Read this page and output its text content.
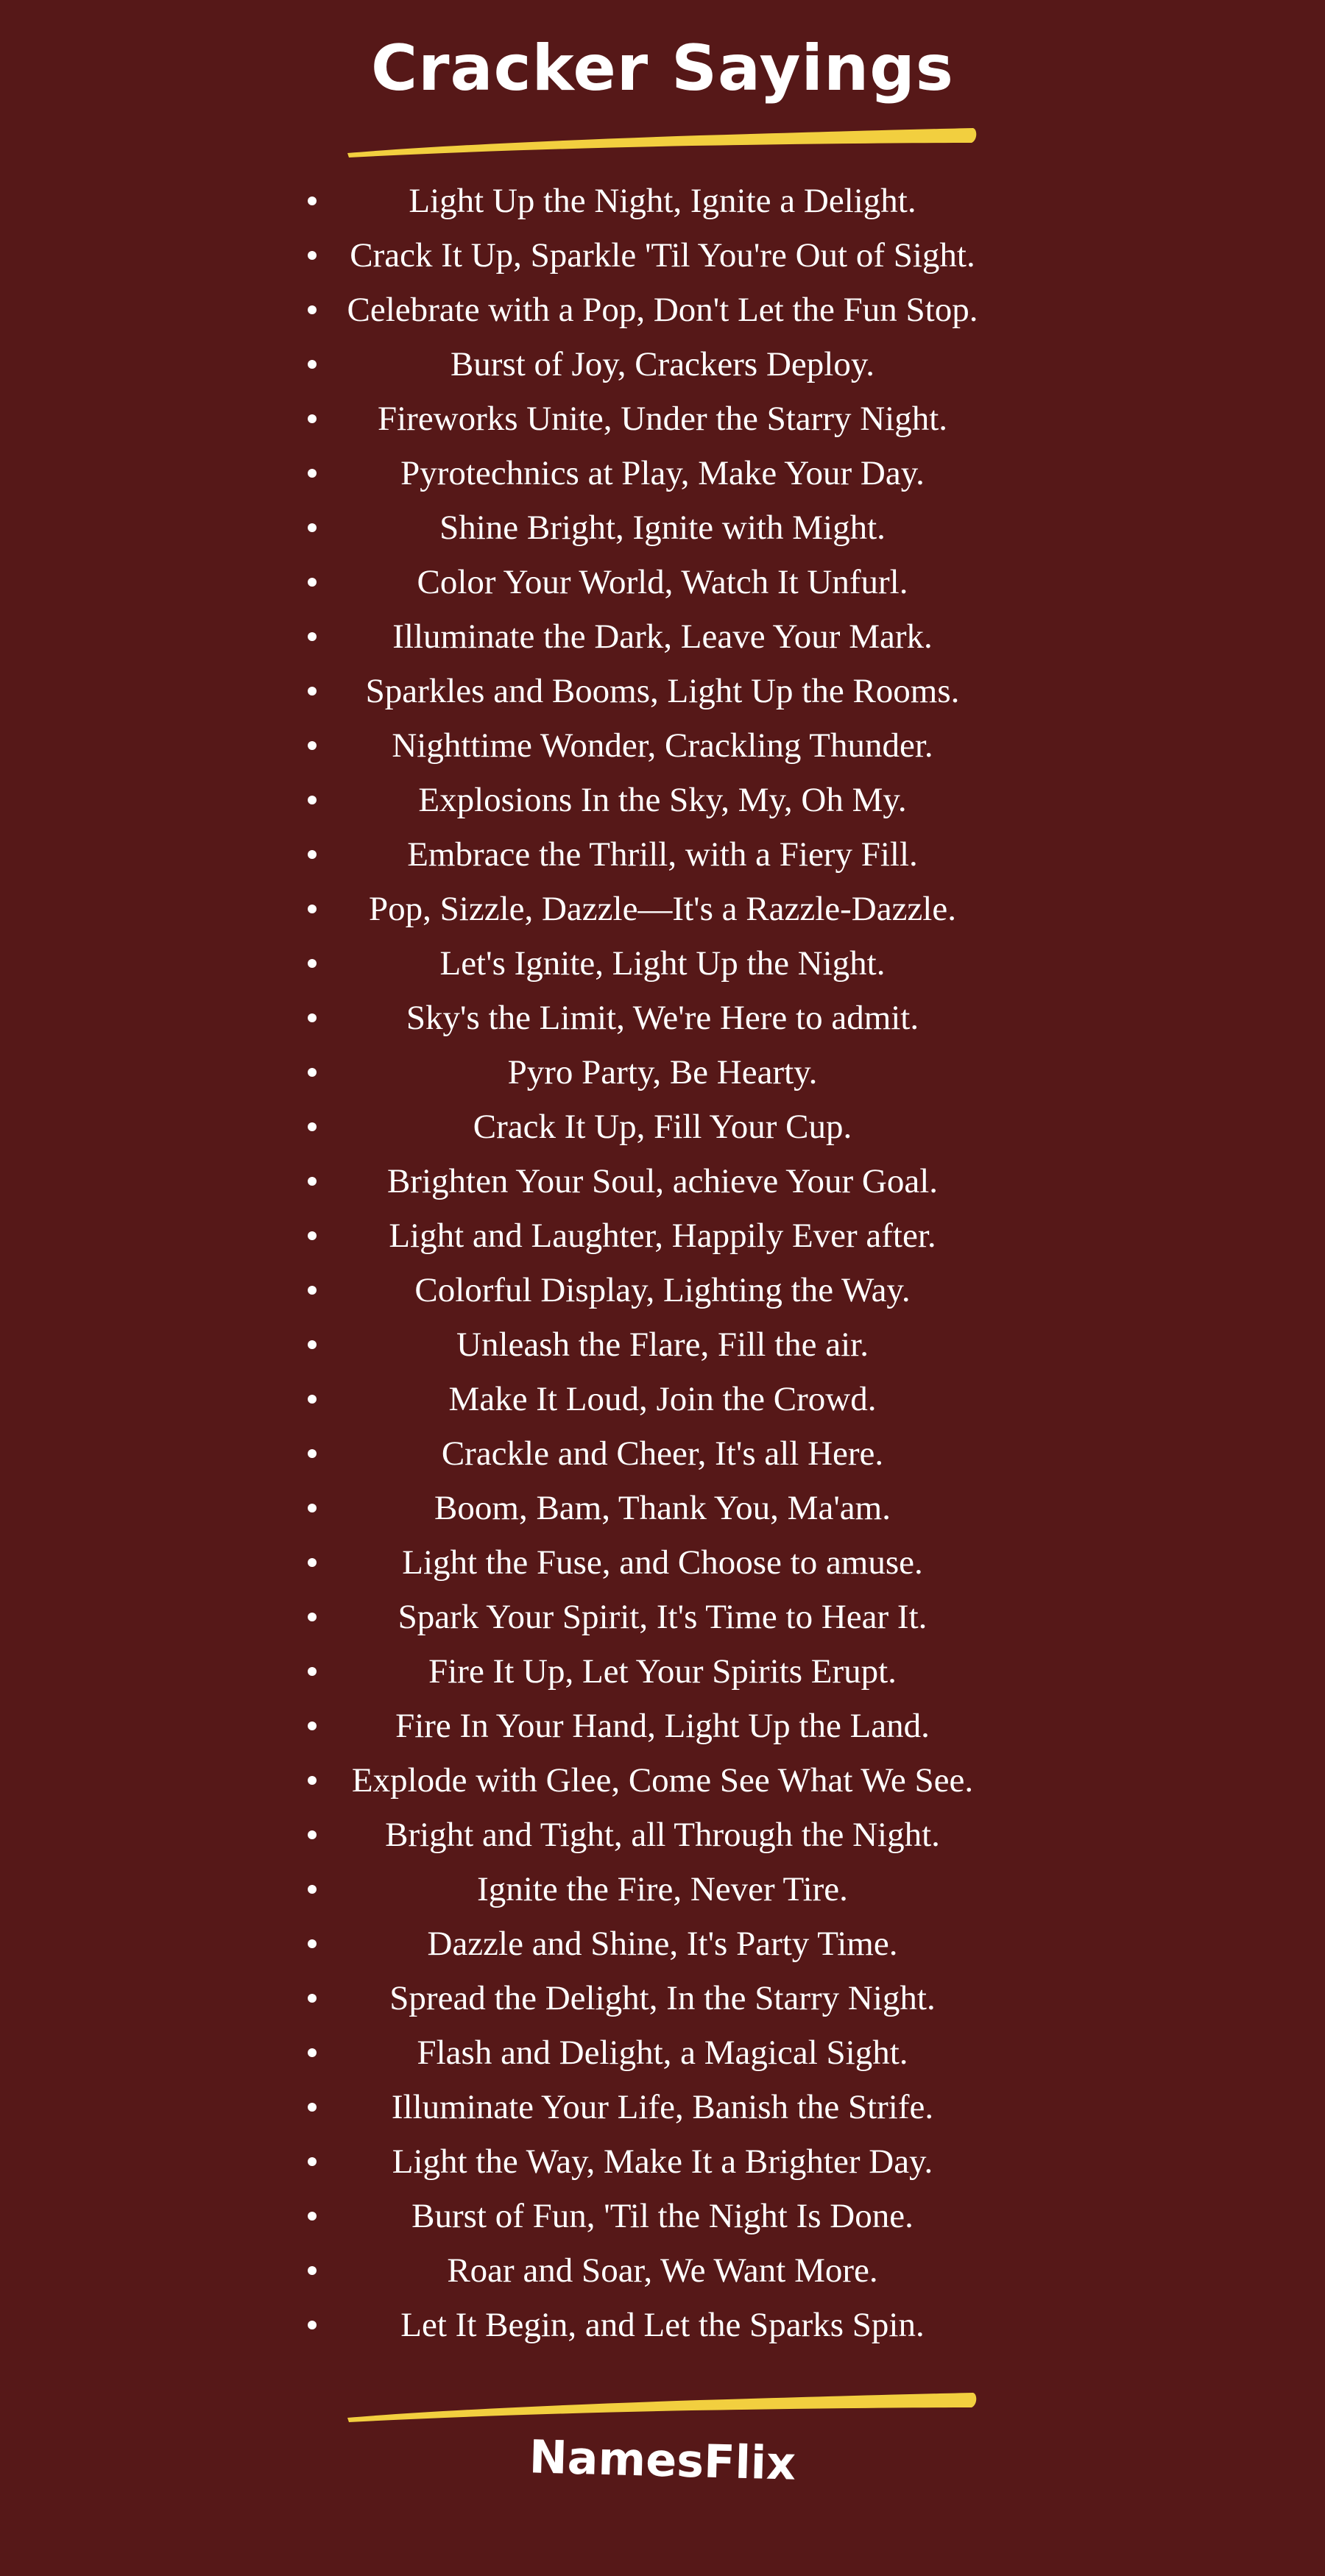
Cracker Sayings
Light Up the Night, Ignite a Delight.
Crack It Up, Sparkle 'Til You're Out of Sight.
Celebrate with a Pop, Don't Let the Fun Stop.
Burst of Joy, Crackers Deploy.
Fireworks Unite, Under the Starry Night.
Pyrotechnics at Play, Make Your Day.
Shine Bright, Ignite with Might.
Color Your World, Watch It Unfurl.
Illuminate the Dark, Leave Your Mark.
Sparkles and Booms, Light Up the Rooms.
Nighttime Wonder, Crackling Thunder.
Explosions In the Sky, My, Oh My.
Embrace the Thrill, with a Fiery Fill.
Pop, Sizzle, Dazzle—It's a Razzle-Dazzle.
Let's Ignite, Light Up the Night.
Sky's the Limit, We're Here to admit.
Pyro Party, Be Hearty.
Crack It Up, Fill Your Cup.
Brighten Your Soul, achieve Your Goal.
Light and Laughter, Happily Ever after.
Colorful Display, Lighting the Way.
Unleash the Flare, Fill the air.
Make It Loud, Join the Crowd.
Crackle and Cheer, It's all Here.
Boom, Bam, Thank You, Ma'am.
Light the Fuse, and Choose to amuse.
Spark Your Spirit, It's Time to Hear It.
Fire It Up, Let Your Spirits Erupt.
Fire In Your Hand, Light Up the Land.
Explode with Glee, Come See What We See.
Bright and Tight, all Through the Night.
Ignite the Fire, Never Tire.
Dazzle and Shine, It's Party Time.
Spread the Delight, In the Starry Night.
Flash and Delight, a Magical Sight.
Illuminate Your Life, Banish the Strife.
Light the Way, Make It a Brighter Day.
Burst of Fun, 'Til the Night Is Done.
Roar and Soar, We Want More.
Let It Begin, and Let the Sparks Spin.
NamesFlix
